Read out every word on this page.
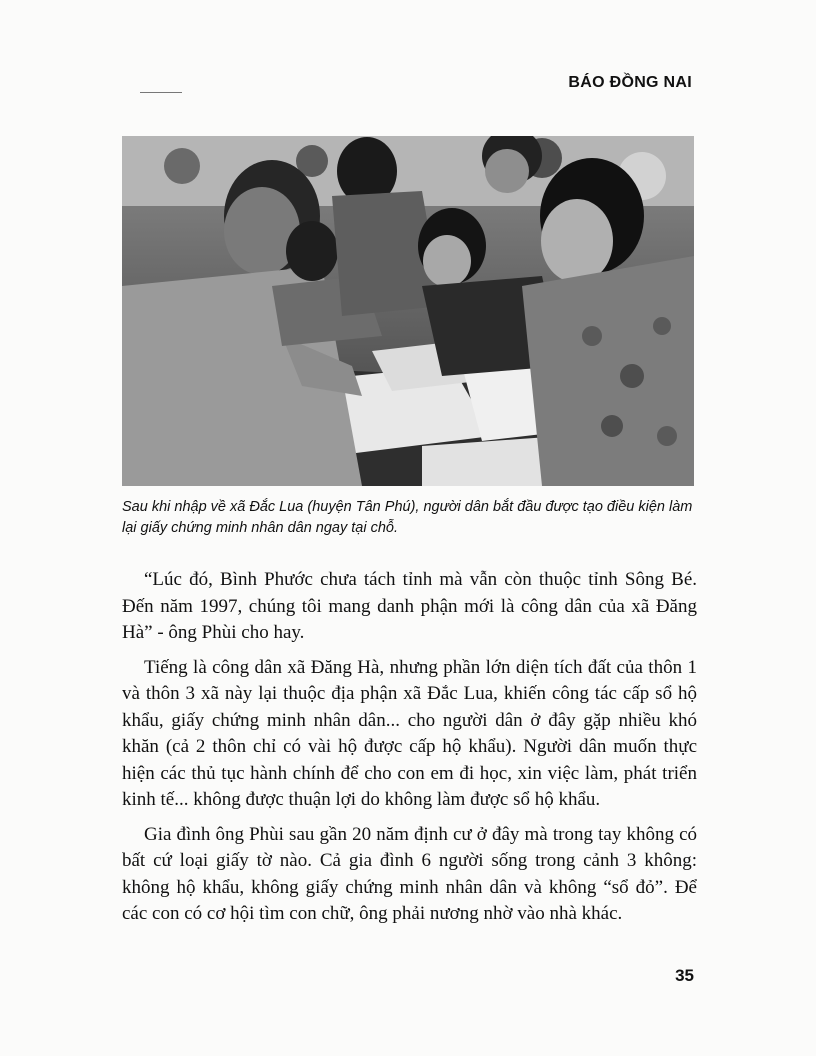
BÁO ĐỒNG NAI
Sau khi nhập về xã Đắc Lua (huyện Tân Phú), người dân bắt đầu được tạo điều kiện làm lại giấy chứng minh nhân dân ngay tại chỗ.

“Lúc đó, Bình Phước chưa tách tỉnh mà vẫn còn thuộc tỉnh Sông Bé. Đến năm 1997, chúng tôi mang danh phận mới là công dân của xã Đăng Hà” - ông Phùi cho hay.

Tiếng là công dân xã Đăng Hà, nhưng phần lớn diện tích đất của thôn 1 và thôn 3 xã này lại thuộc địa phận xã Đắc Lua, khiến công tác cấp sổ hộ khẩu, giấy chứng minh nhân dân... cho người dân ở đây gặp nhiều khó khăn (cả 2 thôn chỉ có vài hộ được cấp hộ khẩu). Người dân muốn thực hiện các thủ tục hành chính để cho con em đi học, xin việc làm, phát triển kinh tế... không được thuận lợi do không làm được sổ hộ khẩu.

Gia đình ông Phùi sau gần 20 năm định cư ở đây mà trong tay không có bất cứ loại giấy tờ nào. Cả gia đình 6 người sống trong cảnh 3 không: không hộ khẩu, không giấy chứng minh nhân dân và không “sổ đỏ”. Để các con có cơ hội tìm con chữ, ông phải nương nhờ vào nhà khác.

35
